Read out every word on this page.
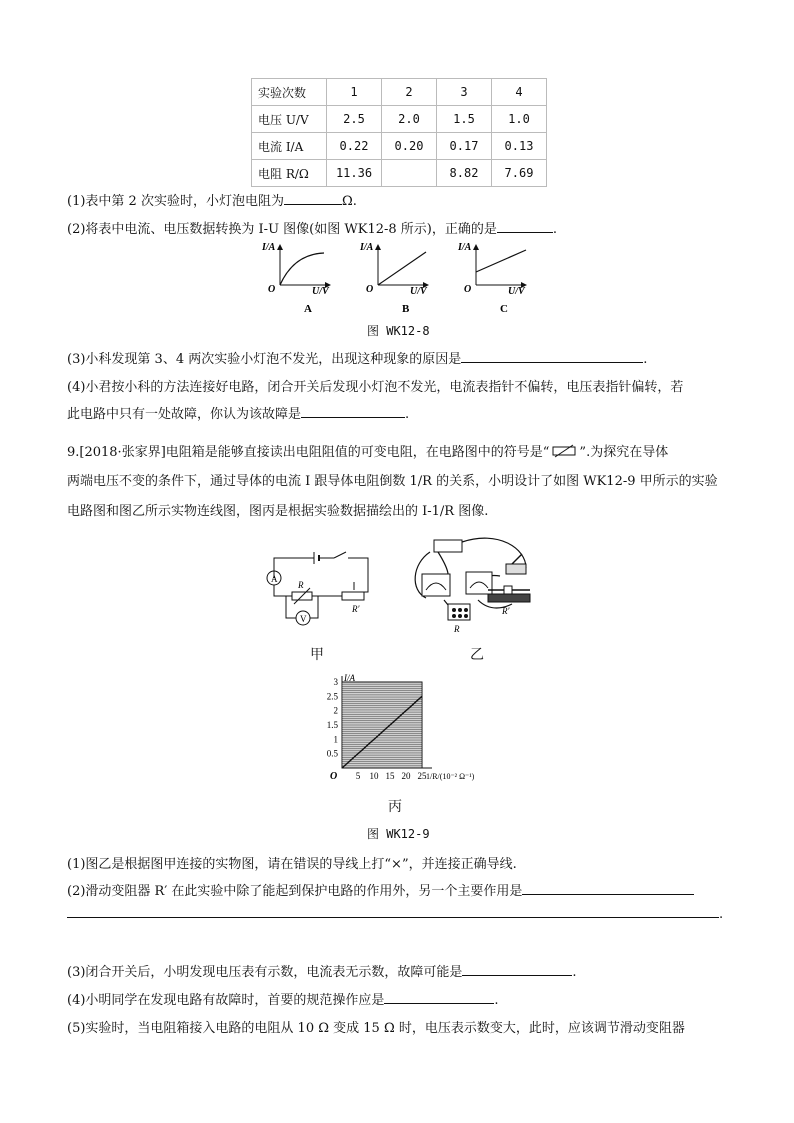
实验次数	1	2	3	4
电压 U/V	2.5	2.0	1.5	1.0
电流 I/A	0.22	0.20	0.17	0.13
电阻 R/Ω	11.36		8.82	7.69
(1)表中第 2 次实验时，小灯泡电阻为	Ω.
(2)将表中电流、电压数据转换为 I-U 图像(如图 WK12-8 所示)，正确的是	.
I/A
O	U/V
A
I/A
O	U/V
B
I/A
O	U/V
C
图 WK12-8
(3)小科发现第 3、4 两次实验小灯泡不发光，出现这种现象的原因是	.
(4)小君按小科的方法连接好电路，闭合开关后发现小灯泡不发光，电流表指针不偏转，电压表指针偏转，若
此电路中只有一处故障，你认为该故障是	.
9.[2018·张家界]电阻箱是能够直接读出电阻阻值的可变电阻，在电路图中的符号是“ ”.为探究在导体
两端电压不变的条件下，通过导体的电流 I 跟导体电阻倒数 1/R 的关系，小明设计了如图 WK12-9 甲所示的实验
电路图和图乙所示实物连线图，图丙是根据实验数据描绘出的 I-1/R 图像.
A
V
R
R′
R
R′
甲	乙
3
2.5
2
1.5
1
0.5
5 10 15 20 25
O
I/A
1/R/(10⁻² Ω⁻¹)
丙
图 WK12-9
(1)图乙是根据图甲连接的实物图，请在错误的导线上打“×”，并连接正确导线.
(2)滑动变阻器 R′ 在此实验中除了能起到保护电路的作用外，另一个主要作用是
.
(3)闭合开关后，小明发现电压表有示数，电流表无示数，故障可能是	.
(4)小明同学在发现电路有故障时，首要的规范操作应是	.
(5)实验时，当电阻箱接入电路的电阻从 10 Ω 变成 15 Ω 时，电压表示数变大，此时，应该调节滑动变阻器
